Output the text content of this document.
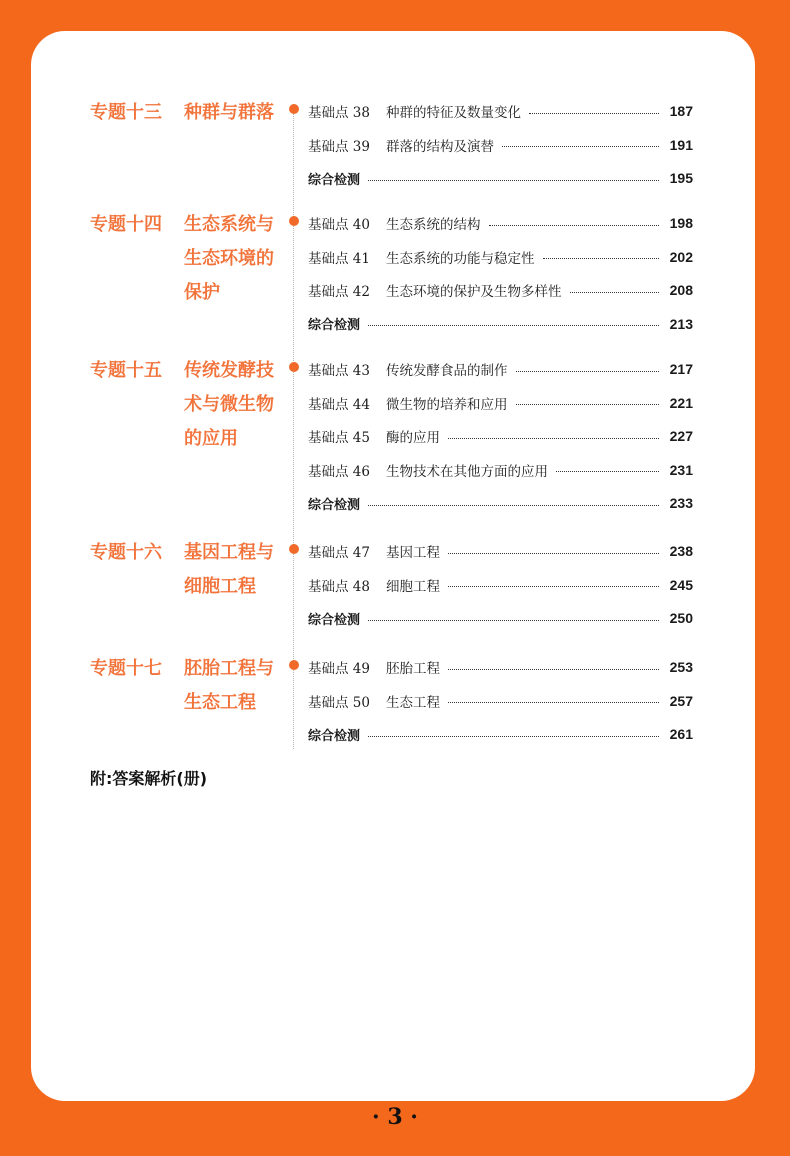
专题十三	种群与群落	基础点 38	种群的特征及数量变化	187
基础点 39	群落的结构及演替	191
综合检测	195
专题十四	生态系统与
生态环境的
保护
基础点 40	生态系统的结构	198
基础点 41	生态系统的功能与稳定性	202
基础点 42	生态环境的保护及生物多样性	208
综合检测	213
专题十五	传统发酵技
术与微生物
的应用
基础点 43	传统发酵食品的制作	217
基础点 44	微生物的培养和应用	221
基础点 45	酶的应用	227
基础点 46	生物技术在其他方面的应用	231
综合检测	233
专题十六	基因工程与
细胞工程
基础点 47	基因工程	238
基础点 48	细胞工程	245
综合检测	250
专题十七	胚胎工程与
生态工程
基础点 49	胚胎工程	253
基础点 50	生态工程	257
综合检测	261
附:答案解析(册)
· 3 ·
